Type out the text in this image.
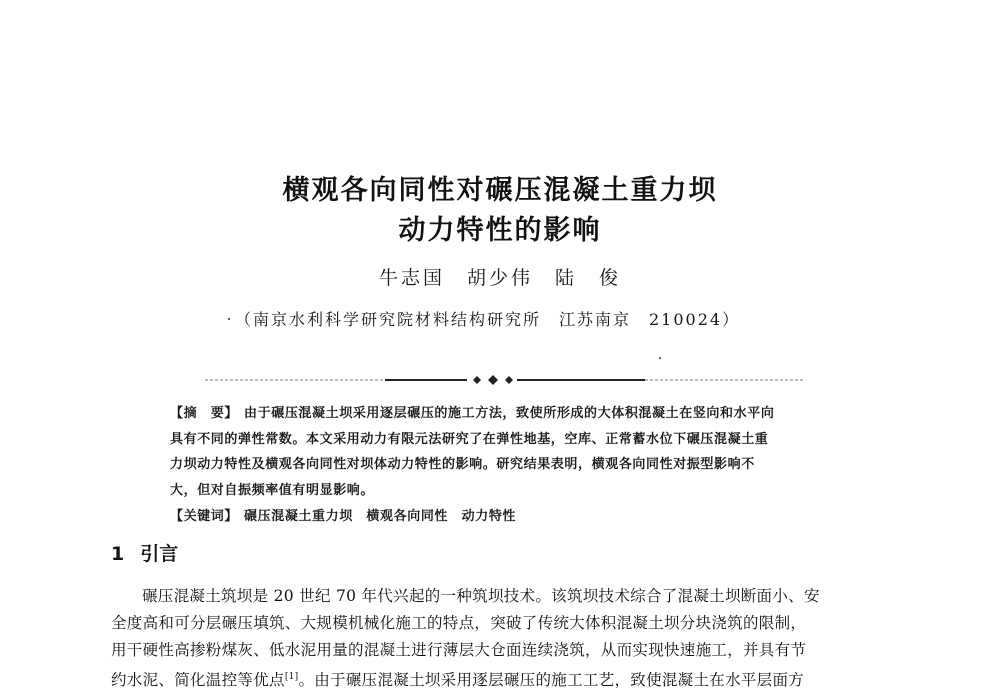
横观各向同性对碾压混凝土重力坝
动力特性的影响
牛志国　胡少伟　陆　俊
（南京水利科学研究院材料结构研究所　江苏南京　210024）
【摘　要】 由于碾压混凝土坝采用逐层碾压的施工方法，致使所形成的大体积混凝土在竖向和水平向
具有不同的弹性常数。本文采用动力有限元法研究了在弹性地基，空库、正常蓄水位下碾压混凝土重
力坝动力特性及横观各向同性对坝体动力特性的影响。研究结果表明，横观各向同性对振型影响不
大，但对自振频率值有明显影响。
【关键词】 碾压混凝土重力坝　横观各向同性　动力特性
1 引言
碾压混凝土筑坝是 20 世纪 70 年代兴起的一种筑坝技术。该筑坝技术综合了混凝土坝断面小、安
全度高和可分层碾压填筑、大规模机械化施工的特点，突破了传统大体积混凝土坝分块浇筑的限制，
用干硬性高掺粉煤灰、低水泥用量的混凝土进行薄层大仓面连续浇筑，从而实现快速施工，并具有节
约水泥、简化温控等优点[1]。由于碾压混凝土坝采用逐层碾压的施工工艺，致使混凝土在水平层面方
